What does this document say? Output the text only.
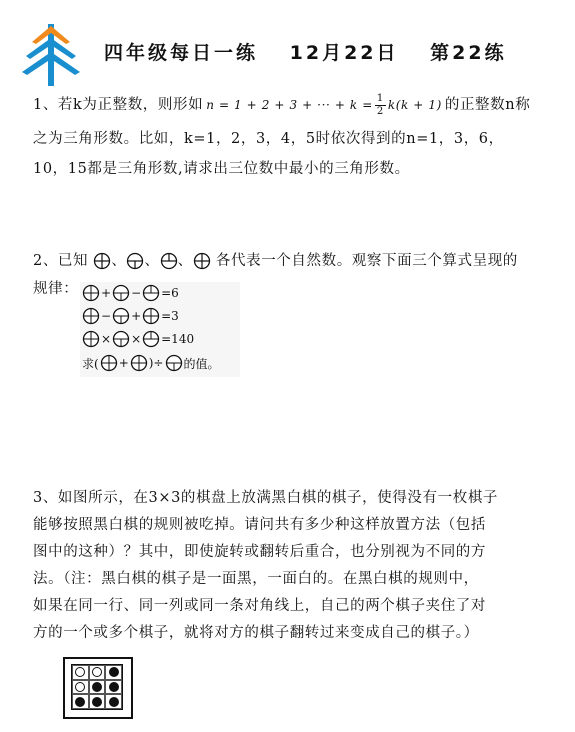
四年级每日一练 12月22日 第22练
1、若k为正整数，则形如 n = 1 + 2 + 3 + ··· + $k = \frac{1}{2} k(k + 1)$ 的正整数n称
之为三角形数。比如，k=1，2，3，4，5时依次得到的n=1，3，6，
10，15都是三角形数,请求出三位数中最小的三角形数。
2、已知 、 、 、 各代表一个自然数。观察下面三个算式呈现的
规律： + − =6
− + =3
× × =140
求( + )÷ 的值。
3、如图所示，在3×3的棋盘上放满黑白棋的棋子，使得没有一枚棋子
能够按照黑白棋的规则被吃掉。请问共有多少种这样放置方法（包括
图中的这种）？其中，即使旋转或翻转后重合，也分别视为不同的方
法。（注：黑白棋的棋子是一面黑，一面白的。在黑白棋的规则中，
如果在同一行、同一列或同一条对角线上，自己的两个棋子夹住了对
方的一个或多个棋子，就将对方的棋子翻转过来变成自己的棋子。）
